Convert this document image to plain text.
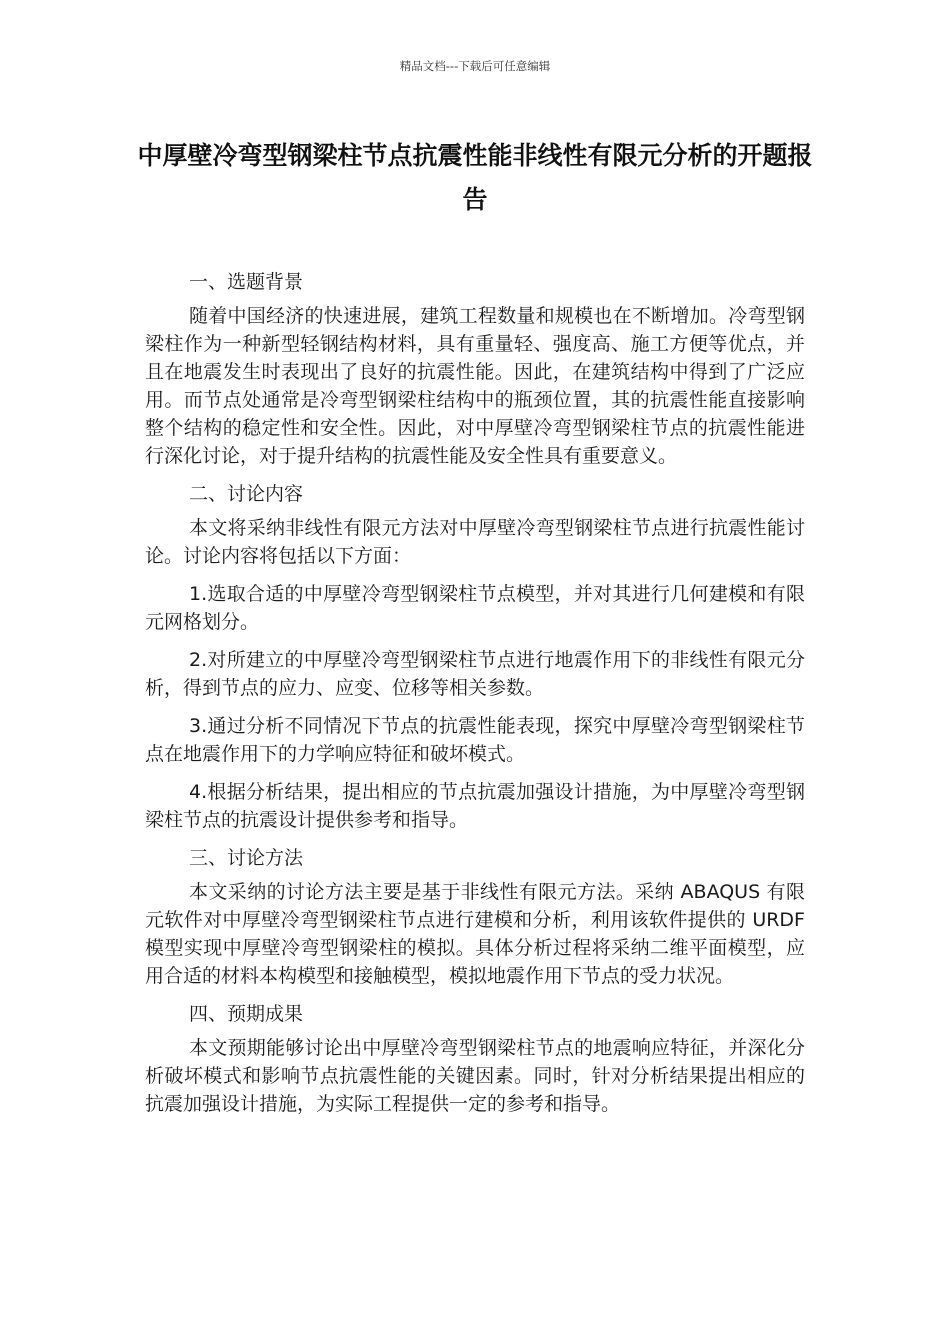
精品文档---下载后可任意编辑
中厚壁冷弯型钢梁柱节点抗震性能非线性有限元分析的开题报告

一、选题背景

随着中国经济的快速进展，建筑工程数量和规模也在不断增加。冷弯型钢梁柱作为一种新型轻钢结构材料，具有重量轻、强度高、施工方便等优点，并且在地震发生时表现出了良好的抗震性能。因此，在建筑结构中得到了广泛应用。而节点处通常是冷弯型钢梁柱结构中的瓶颈位置，其的抗震性能直接影响整个结构的稳定性和安全性。因此，对中厚壁冷弯型钢梁柱节点的抗震性能进行深化讨论，对于提升结构的抗震性能及安全性具有重要意义。

二、讨论内容

本文将采纳非线性有限元方法对中厚壁冷弯型钢梁柱节点进行抗震性能讨论。讨论内容将包括以下方面：

1.选取合适的中厚壁冷弯型钢梁柱节点模型，并对其进行几何建模和有限元网格划分。

2.对所建立的中厚壁冷弯型钢梁柱节点进行地震作用下的非线性有限元分析，得到节点的应力、应变、位移等相关参数。

3.通过分析不同情况下节点的抗震性能表现，探究中厚壁冷弯型钢梁柱节点在地震作用下的力学响应特征和破坏模式。

4.根据分析结果，提出相应的节点抗震加强设计措施，为中厚壁冷弯型钢梁柱节点的抗震设计提供参考和指导。

三、讨论方法

本文采纳的讨论方法主要是基于非线性有限元方法。采纳 ABAQUS 有限元软件对中厚壁冷弯型钢梁柱节点进行建模和分析，利用该软件提供的 URDF 模型实现中厚壁冷弯型钢梁柱的模拟。具体分析过程将采纳二维平面模型，应用合适的材料本构模型和接触模型，模拟地震作用下节点的受力状况。

四、预期成果

本文预期能够讨论出中厚壁冷弯型钢梁柱节点的地震响应特征，并深化分析破坏模式和影响节点抗震性能的关键因素。同时，针对分析结果提出相应的抗震加强设计措施，为实际工程提供一定的参考和指导。
